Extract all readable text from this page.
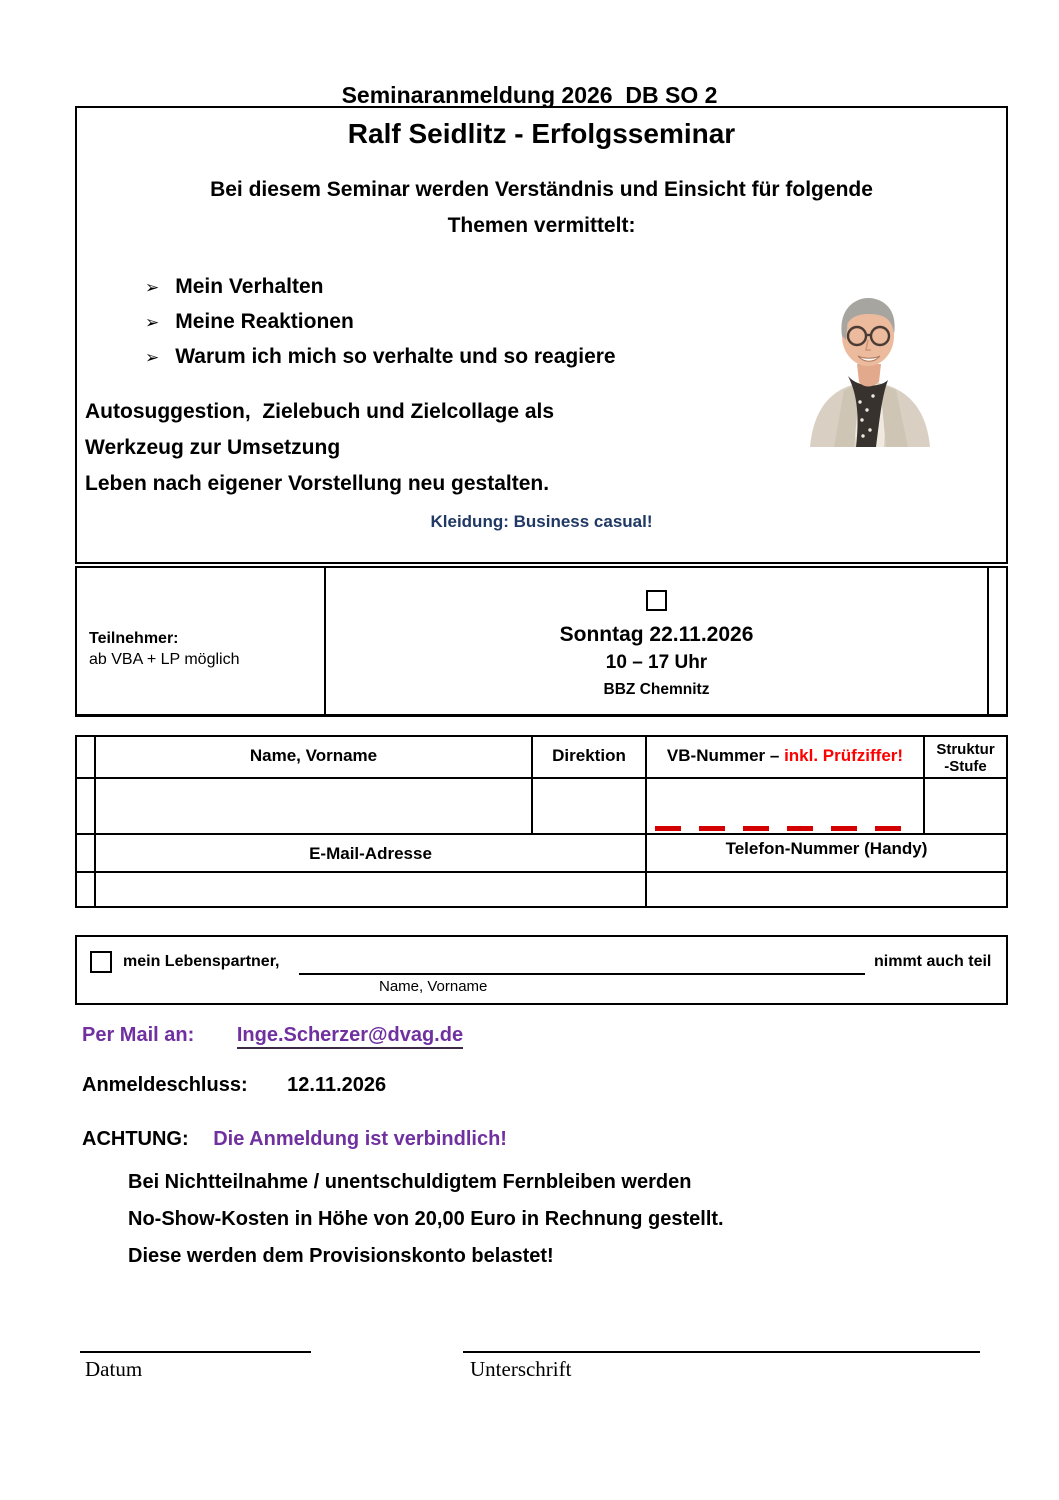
Seminaranmeldung 2026  DB SO 2
Ralf Seidlitz - Erfolgsseminar
Bei diesem Seminar werden Verständnis und Einsicht für folgende
Themen vermittelt:
➢ Mein Verhalten
➢ Meine Reaktionen
➢ Warum ich mich so verhalte und so reagiere
Autosuggestion,  Zielebuch und Zielcollage als
Werkzeug zur Umsetzung
Leben nach eigener Vorstellung neu gestalten.
Kleidung: Business casual!
Teilnehmer:
ab VBA + LP möglich
Sonntag 22.11.2026
10 – 17 Uhr
BBZ Chemnitz
Name, Vorname	Direktion	VB-Nummer – inkl. Prüfziffer!	Struktur
-Stufe
E-Mail-Adresse	Telefon-Nummer (Handy)
mein Lebenspartner,	nimmt auch teil
Name, Vorname
Per Mail an: Inge.Scherzer@dvag.de
Anmeldeschluss: 12.11.2026
ACHTUNG: Die Anmeldung ist verbindlich!
Bei Nichtteilnahme / unentschuldigtem Fernbleiben werden
No-Show-Kosten in Höhe von 20,00 Euro in Rechnung gestellt.
Diese werden dem Provisionskonto belastet!
Datum	Unterschrift
